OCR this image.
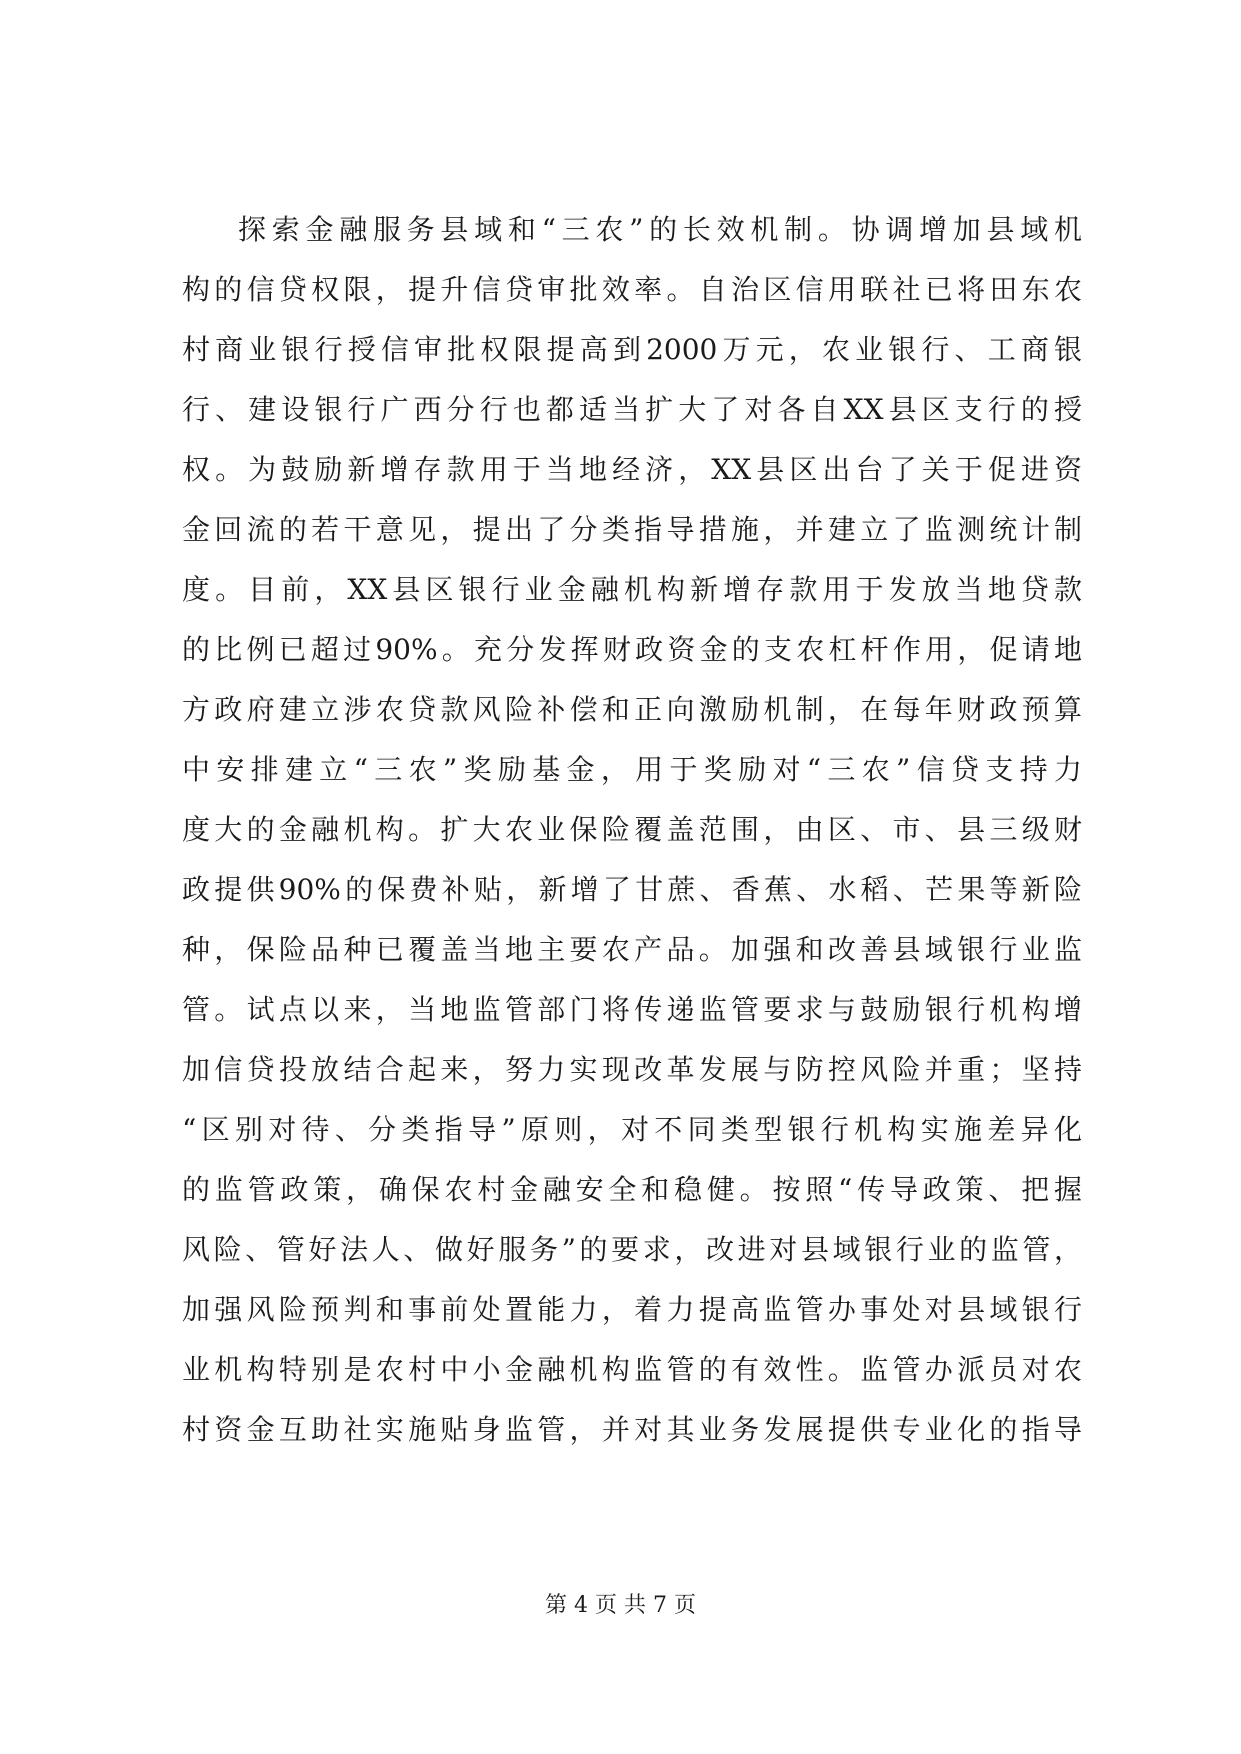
探索金融服务县域和“三农”的长效机制。协调增加县域机
构的信贷权限，提升信贷审批效率。自治区信用联社已将田东农
村商业银行授信审批权限提高到2000万元，农业银行、工商银
行、建设银行广西分行也都适当扩大了对各自XX县区支行的授
权。为鼓励新增存款用于当地经济，XX县区出台了关于促进资
金回流的若干意见，提出了分类指导措施，并建立了监测统计制
度。目前，XX县区银行业金融机构新增存款用于发放当地贷款
的比例已超过90%。充分发挥财政资金的支农杠杆作用，促请地
方政府建立涉农贷款风险补偿和正向激励机制，在每年财政预算
中安排建立“三农”奖励基金，用于奖励对“三农”信贷支持力
度大的金融机构。扩大农业保险覆盖范围，由区、市、县三级财
政提供90%的保费补贴，新增了甘蔗、香蕉、水稻、芒果等新险
种，保险品种已覆盖当地主要农产品。加强和改善县域银行业监
管。试点以来，当地监管部门将传递监管要求与鼓励银行机构增
加信贷投放结合起来，努力实现改革发展与防控风险并重；坚持
“区别对待、分类指导”原则，对不同类型银行机构实施差异化
的监管政策，确保农村金融安全和稳健。按照“传导政策、把握
风险、管好法人、做好服务”的要求，改进对县域银行业的监管，
加强风险预判和事前处置能力，着力提高监管办事处对县域银行
业机构特别是农村中小金融机构监管的有效性。监管办派员对农
村资金互助社实施贴身监管，并对其业务发展提供专业化的指导
第 4 页 共 7 页
